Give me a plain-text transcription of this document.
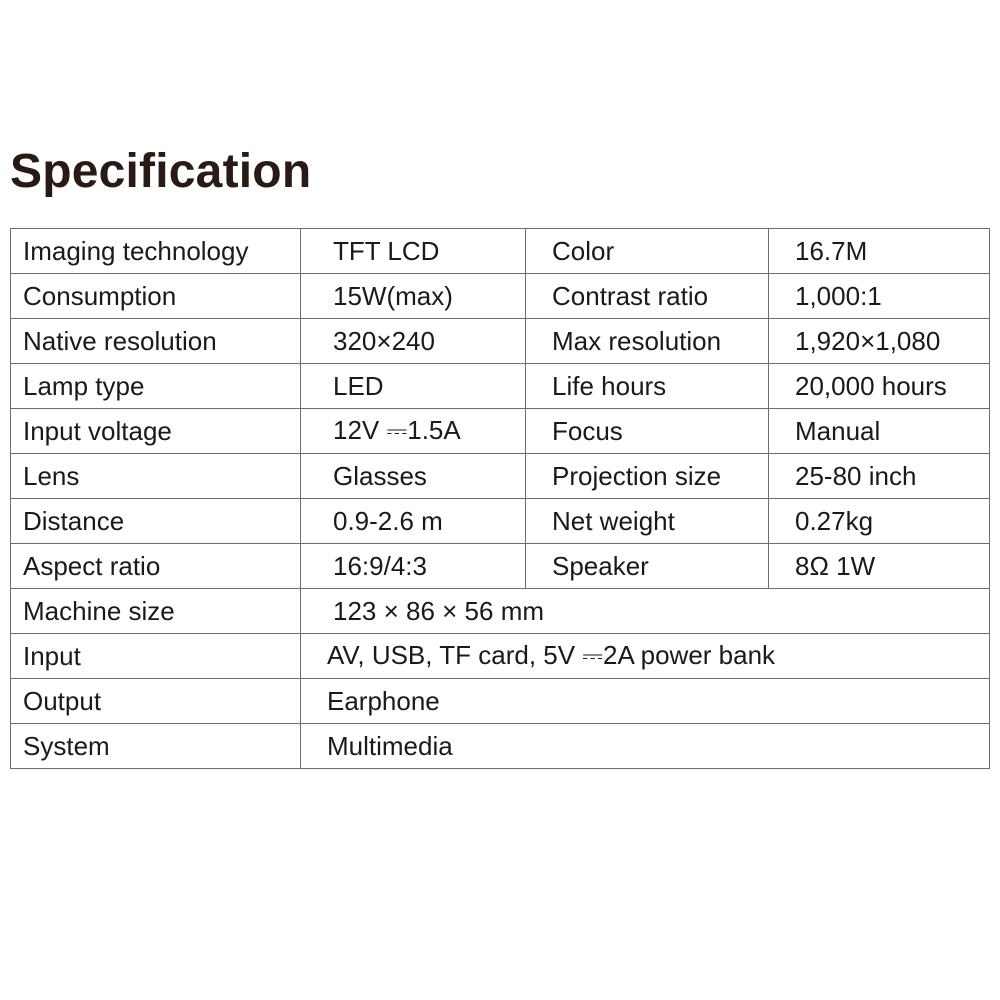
Specification
Imaging technology	TFT LCD	Color	16.7M
Consumption	15W(max)	Contrast ratio	1,000:1
Native resolution	320×240	Max resolution	1,920×1,080
Lamp type	LED	Life hours	20,000 hours
Input voltage	12V ⎓1.5A	Focus	Manual
Lens	Glasses	Projection size	25-80 inch
Distance	0.9-2.6 m	Net weight	0.27kg
Aspect ratio	16:9/4:3	Speaker	8Ω 1W
Machine size	123 × 86 × 56 mm		
Input	AV, USB, TF card, 5V ⎓2A power bank		
Output	Earphone		
System	Multimedia		
